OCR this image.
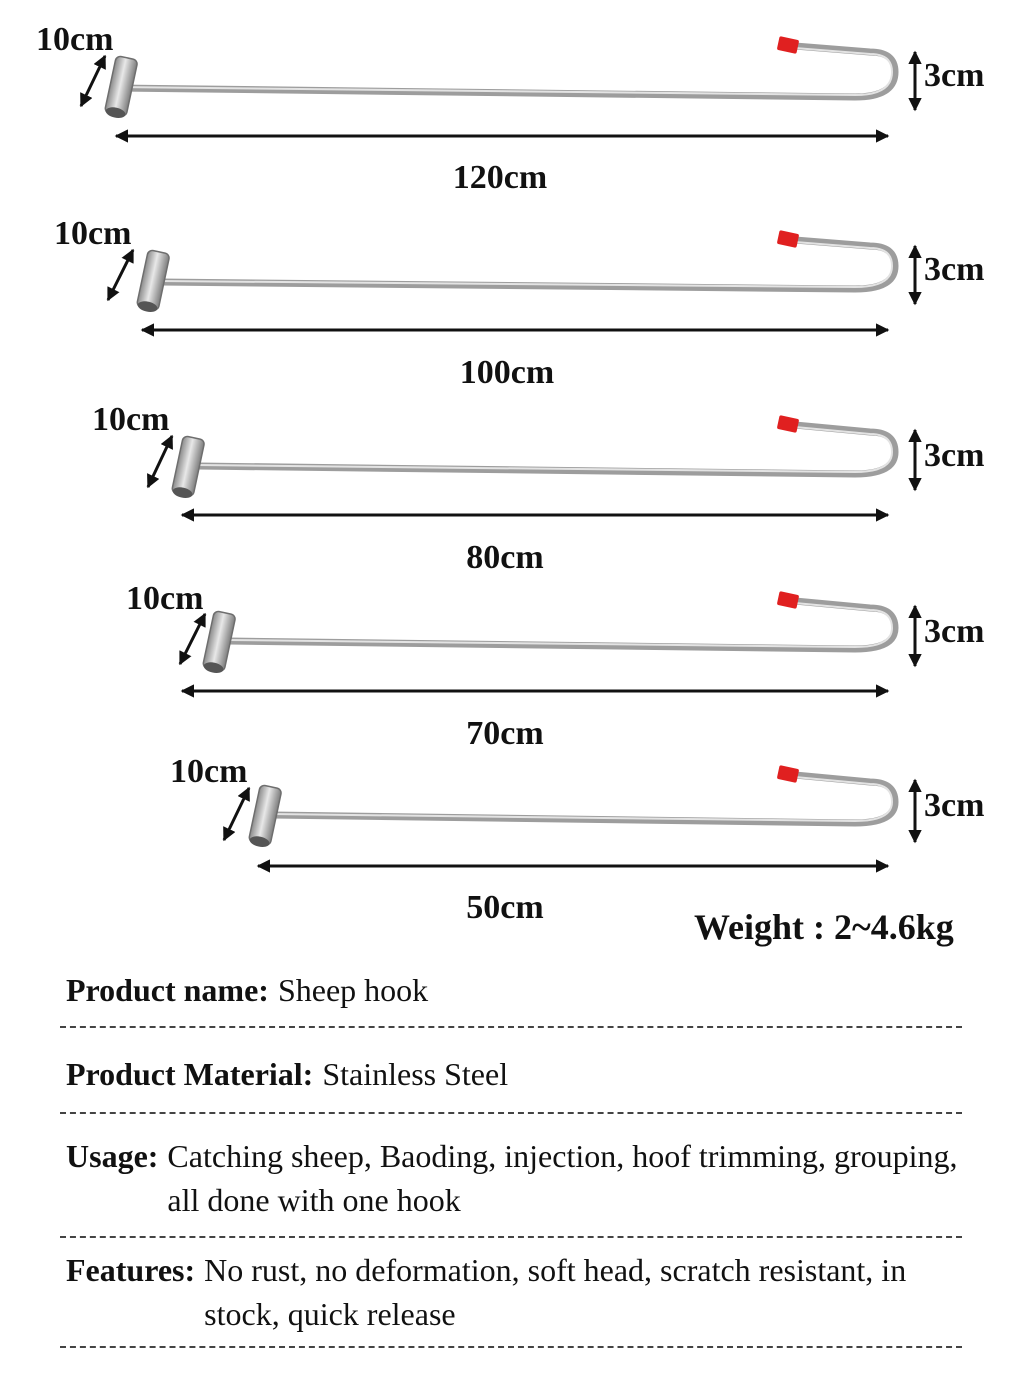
10cm
3cm
120cm
10cm
3cm
100cm
10cm
3cm
80cm
10cm
3cm
70cm
10cm
3cm
50cm	Weight : 2~4.6kg
Product name: Sheep hook
Product Material: Stainless Steel
Usage: Catching sheep, Baoding, injection, hoof trimming, grouping, all done with one hook
Features: No rust, no deformation, soft head, scratch resistant, in stock, quick release
